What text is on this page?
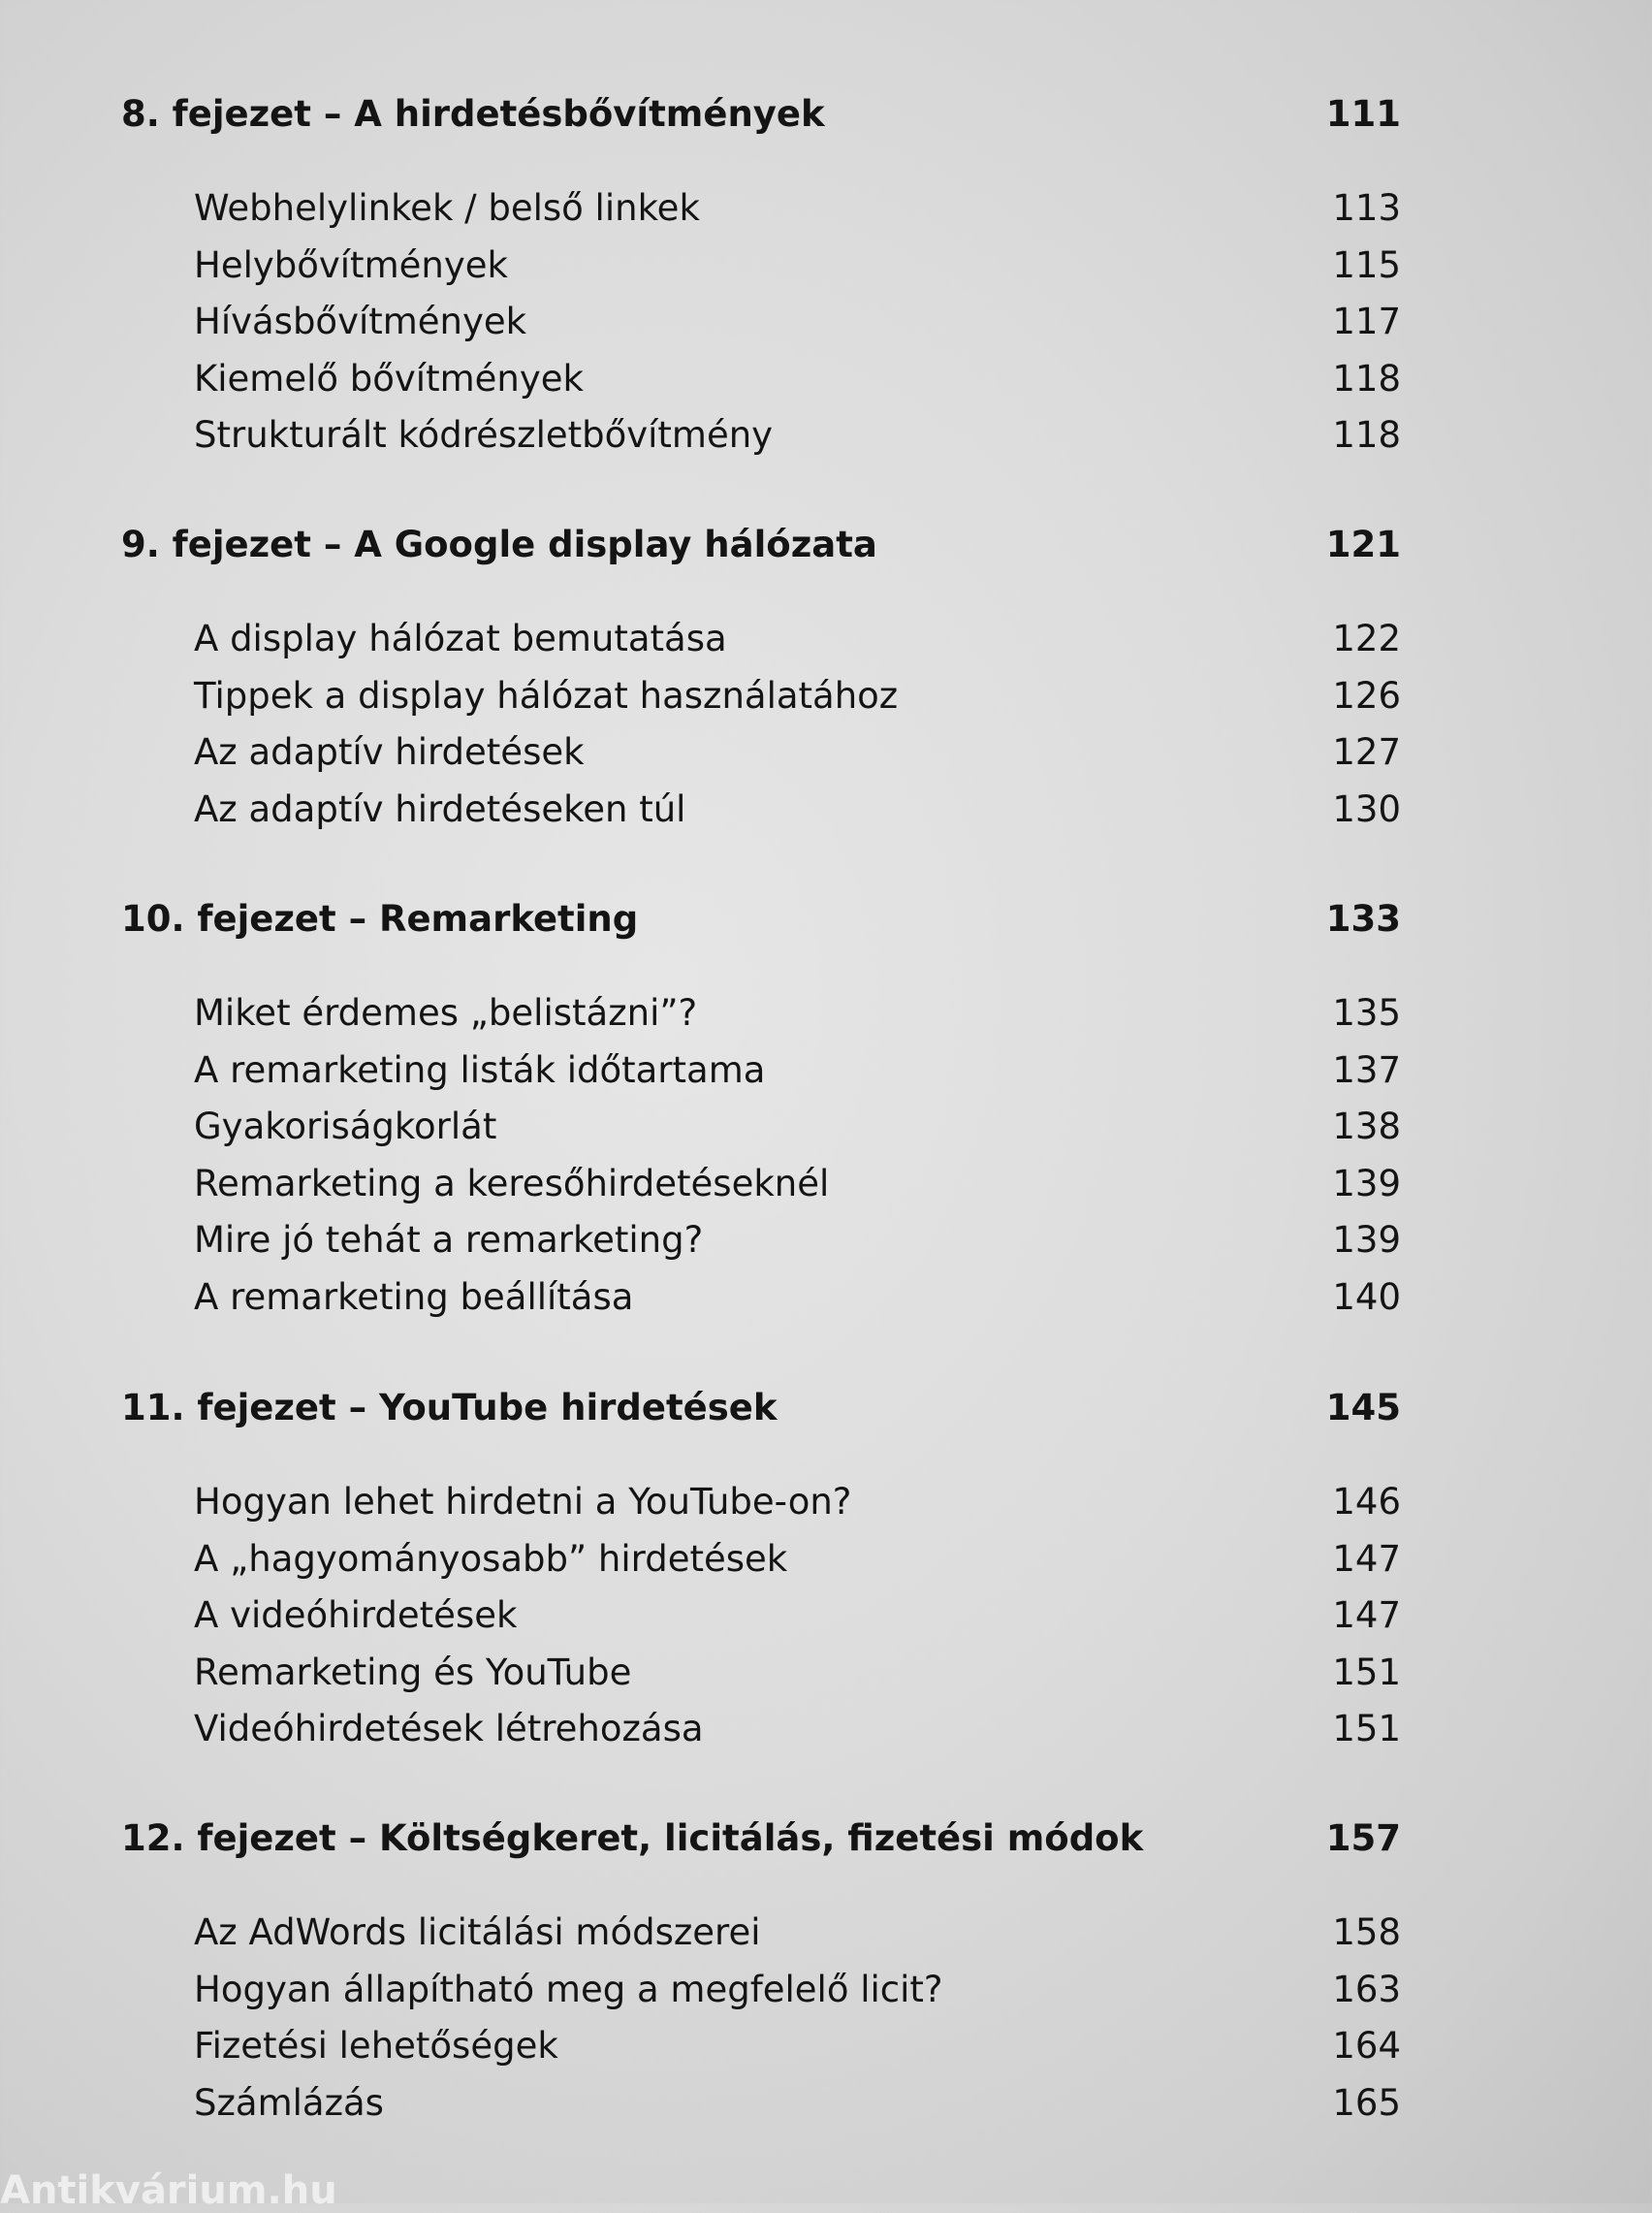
8. fejezet – A hirdetésbővítmények	111
Webhelylinkek / belső linkek	113
Helybővítmények	115
Hívásbővítmények	117
Kiemelő bővítmények	118
Strukturált kódrészletbővítmény	118
9. fejezet – A Google display hálózata	121
A display hálózat bemutatása	122
Tippek a display hálózat használatához	126
Az adaptív hirdetések	127
Az adaptív hirdetéseken túl	130
10. fejezet – Remarketing	133
Miket érdemes „belistázni”?	135
A remarketing listák időtartama	137
Gyakoriságkorlát	138
Remarketing a keresőhirdetéseknél	139
Mire jó tehát a remarketing?	139
A remarketing beállítása	140
11. fejezet – YouTube hirdetések	145
Hogyan lehet hirdetni a YouTube-on?	146
A „hagyományosabb” hirdetések	147
A videóhirdetések	147
Remarketing és YouTube	151
Videóhirdetések létrehozása	151
12. fejezet – Költségkeret, licitálás, fizetési módok	157
Az AdWords licitálási módszerei	158
Hogyan állapítható meg a megfelelő licit?	163
Fizetési lehetőségek	164
Számlázás	165
Antikvárium.hu
